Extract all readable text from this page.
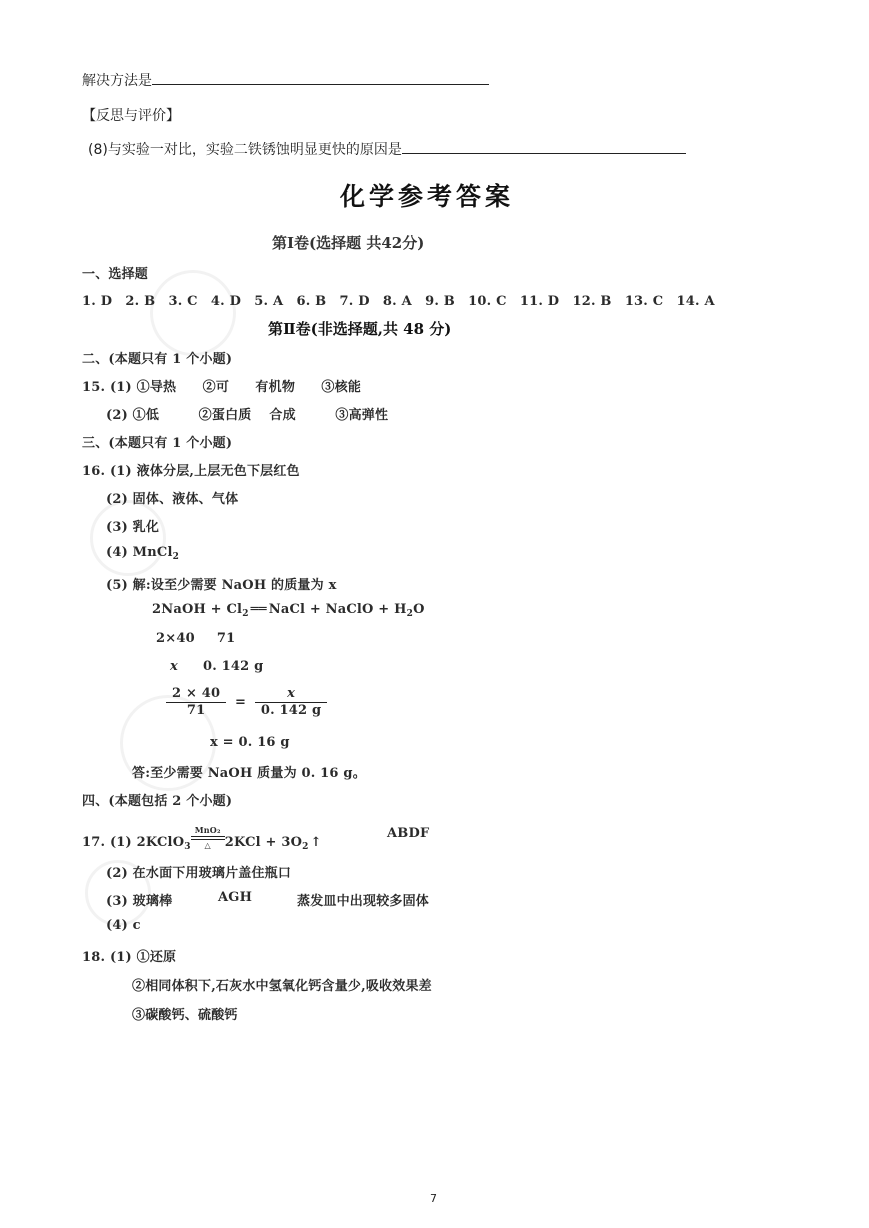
解决方法是
【反思与评价】
(8)与实验一对比，实验二铁锈蚀明显更快的原因是
化学参考答案
第Ⅰ卷(选择题 共42分)
一、选择题
1. D　2. B　3. C　4. D　5. A　6. B　7. D　8. A　9. B　10. C　11. D　12. B　13. C　14. A
第Ⅱ卷(非选择题,共 48 分)
二、(本题只有 1 个小题)
15. (1) ①导热　　②可　　有机物　　③核能
(2) ①低　　　②蛋白质　 合成　　　③高弹性
三、(本题只有 1 个小题)
16. (1) 液体分层,上层无色下层红色
(2) 固体、液体、气体
(3) 乳化
(4) MnCl$_2$
(5) 解:设至少需要 NaOH 的质量为 x
2NaOH + $Cl_2$ ══ NaCl + NaClO + $H_2O$
2×40 71
x 0. 142 g
$\frac{2 \times 40}{71} = \frac{x}{0. 142 g}$
x = 0. 16 g
答:至少需要 NaOH 质量为 0. 16 g。
四、(本题包括 2 个小题)
17. (1) 2KClO$_3$MnO₂
△ $2KCl + 3O_2$ ↑
ABDF
(2) 在水面下用玻璃片盖住瓶口
(3) 玻璃棒	AGH	蒸发皿中出现较多固体
(4) c
18. (1) ①还原
②相同体积下,石灰水中氢氧化钙含量少,吸收效果差
③碳酸钙、硫酸钙
7
